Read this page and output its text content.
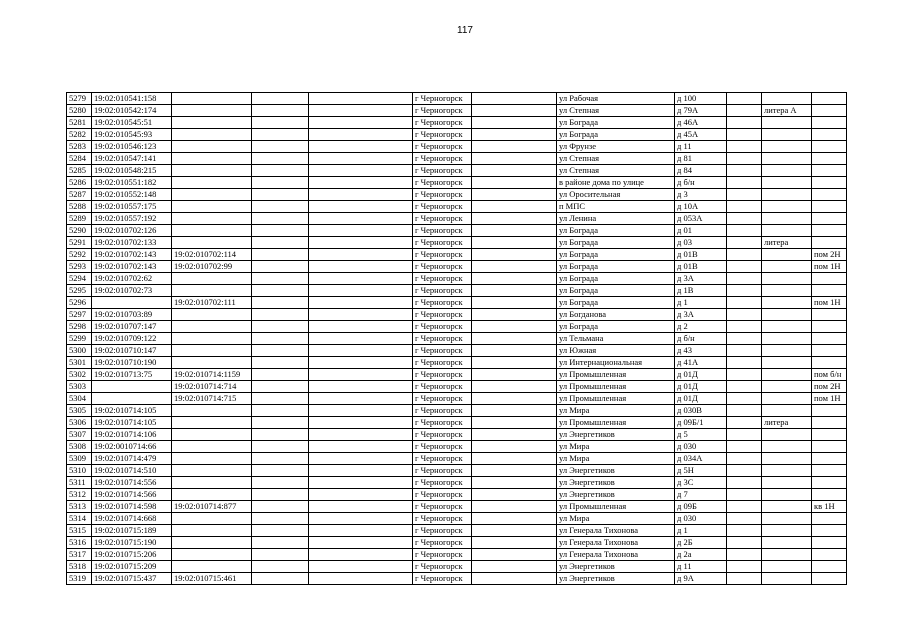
117
5279	19:02:010541:158				г Черногорск		ул Рабочая	д 100			
5280	19:02:010542:174				г Черногорск		ул Степная	д 79А		литера А	
5281	19:02:010545:51				г Черногорск		ул Бограда	д 46А			
5282	19:02:010545:93				г Черногорск		ул Бограда	д 45А			
5283	19:02:010546:123				г Черногорск		ул Фрунзе	д 11			
5284	19:02:010547:141				г Черногорск		ул Степная	д 81			
5285	19:02:010548:215				г Черногорск		ул Степная	д 84			
5286	19:02:010551:182				г Черногорск		в районе дома по улице	д б/н			
5287	19:02:010552:148				г Черногорск		ул Оросительная	д 3			
5288	19:02:010557:175				г Черногорск		п МПС	д 10А			
5289	19:02:010557:192				г Черногорск		ул Ленина	д 053А			
5290	19:02:010702:126				г Черногорск		ул Бограда	д 01			
5291	19:02:010702:133				г Черногорск		ул Бограда	д 03		литера	
5292	19:02:010702:143	19:02:010702:114			г Черногорск		ул Бограда	д 01В			пом 2Н
5293	19:02:010702:143	19:02:010702:99			г Черногорск		ул Бограда	д 01В			пом 1Н
5294	19:02:010702:62				г Черногорск		ул Бограда	д 3А			
5295	19:02:010702:73				г Черногорск		ул Бограда	д 1В			
5296		19:02:010702:111			г Черногорск		ул Бограда	д 1			пом 1Н
5297	19:02:010703:89				г Черногорск		ул Богданова	д 3А			
5298	19:02:010707:147				г Черногорск		ул Бограда	д 2			
5299	19:02:010709:122				г Черногорск		ул Тельмана	д б/н			
5300	19:02:010710:147				г Черногорск		ул Южная	д 43			
5301	19:02:010710:190				г Черногорск		ул Интернациональная	д 41А			
5302	19:02:010713:75	19:02:010714:1159			г Черногорск		ул Промышленная	д 01Д			пом б/н
5303		19:02:010714:714			г Черногорск		ул Промышленная	д 01Д			пом 2Н
5304		19:02:010714:715			г Черногорск		ул Промышленная	д 01Д			пом 1Н
5305	19:02:010714:105				г Черногорск		ул Мира	д 030В			
5306	19:02:010714:105				г Черногорск		ул Промышленная	д 09Б/1		литера	
5307	19:02:010714:106				г Черногорск		ул Энергетиков	д 5			
5308	19:02:0010714:66				г Черногорск		ул Мира	д 030			
5309	19:02:010714:479				г Черногорск		ул Мира	д 034А			
5310	19:02:010714:510				г Черногорск		ул Энергетиков	д 5Н			
5311	19:02:010714:556				г Черногорск		ул Энергетиков	д 3С			
5312	19:02:010714:566				г Черногорск		ул Энергетиков	д 7			
5313	19:02:010714:598	19:02:010714:877			г Черногорск		ул Промышленная	д 09Б			кв 1Н
5314	19:02:010714:668				г Черногорск		ул Мира	д 030			
5315	19:02:010715:189				г Черногорск		ул Генерала Тихонова	д 1			
5316	19:02:010715:190				г Черногорск		ул Генерала Тихонова	д 2Б			
5317	19:02:010715:206				г Черногорск		ул Генерала Тихонова	д 2а			
5318	19:02:010715:209				г Черногорск		ул Энергетиков	д 11			
5319	19:02:010715:437	19:02:010715:461			г Черногорск		ул Энергетиков	д 9А			
